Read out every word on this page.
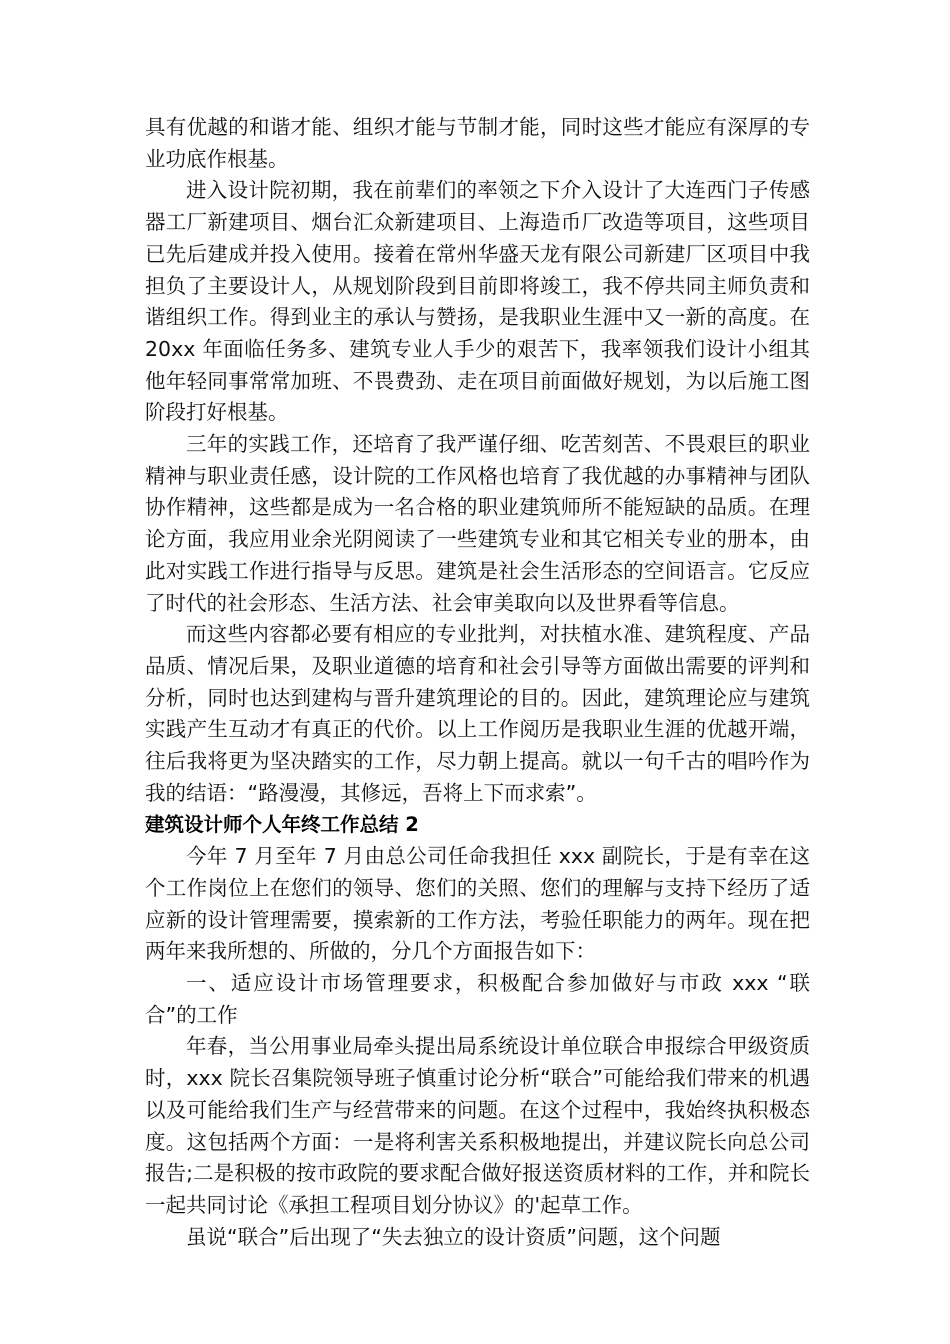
具有优越的和谐才能、组织才能与节制才能，同时这些才能应有深厚的专业功底作根基。

进入设计院初期，我在前辈们的率领之下介入设计了大连西门子传感器工厂新建项目、烟台汇众新建项目、上海造币厂改造等项目，这些项目已先后建成并投入使用。接着在常州华盛天龙有限公司新建厂区项目中我担负了主要设计人，从规划阶段到目前即将竣工，我不停共同主师负责和谐组织工作。得到业主的承认与赞扬，是我职业生涯中又一新的高度。在 20xx 年面临任务多、建筑专业人手少的艰苦下，我率领我们设计小组其他年轻同事常常加班、不畏费劲、走在项目前面做好规划，为以后施工图阶段打好根基。

三年的实践工作，还培育了我严谨仔细、吃苦刻苦、不畏艰巨的职业精神与职业责任感，设计院的工作风格也培育了我优越的办事精神与团队协作精神，这些都是成为一名合格的职业建筑师所不能短缺的品质。在理论方面，我应用业余光阴阅读了一些建筑专业和其它相关专业的册本，由此对实践工作进行指导与反思。建筑是社会生活形态的空间语言。它反应了时代的社会形态、生活方法、社会审美取向以及世界看等信息。

而这些内容都必要有相应的专业批判，对扶植水准、建筑程度、产品品质、情况后果，及职业道德的培育和社会引导等方面做出需要的评判和分析，同时也达到建构与晋升建筑理论的目的。因此，建筑理论应与建筑实践产生互动才有真正的代价。以上工作阅历是我职业生涯的优越开端，往后我将更为坚决踏实的工作，尽力朝上提高。就以一句千古的唱吟作为我的结语：“路漫漫，其修远，吾将上下而求索”。

建筑设计师个人年终工作总结 2

今年 7 月至年 7 月由总公司任命我担任 xxx 副院长，于是有幸在这个工作岗位上在您们的领导、您们的关照、您们的理解与支持下经历了适应新的设计管理需要，摸索新的工作方法，考验任职能力的两年。现在把两年来我所想的、所做的，分几个方面报告如下：

一、适应设计市场管理要求，积极配合参加做好与市政 xxx “联合”的工作

年春，当公用事业局牵头提出局系统设计单位联合申报综合甲级资质时，xxx 院长召集院领导班子慎重讨论分析“联合”可能给我们带来的机遇以及可能给我们生产与经营带来的问题。在这个过程中，我始终执积极态度。这包括两个方面：一是将利害关系积极地提出，并建议院长向总公司报告;二是积极的按市政院的要求配合做好报送资质材料的工作，并和院长一起共同讨论《承担工程项目划分协议》的'起草工作。

虽说“联合”后出现了“失去独立的设计资质”问题，这个问题
